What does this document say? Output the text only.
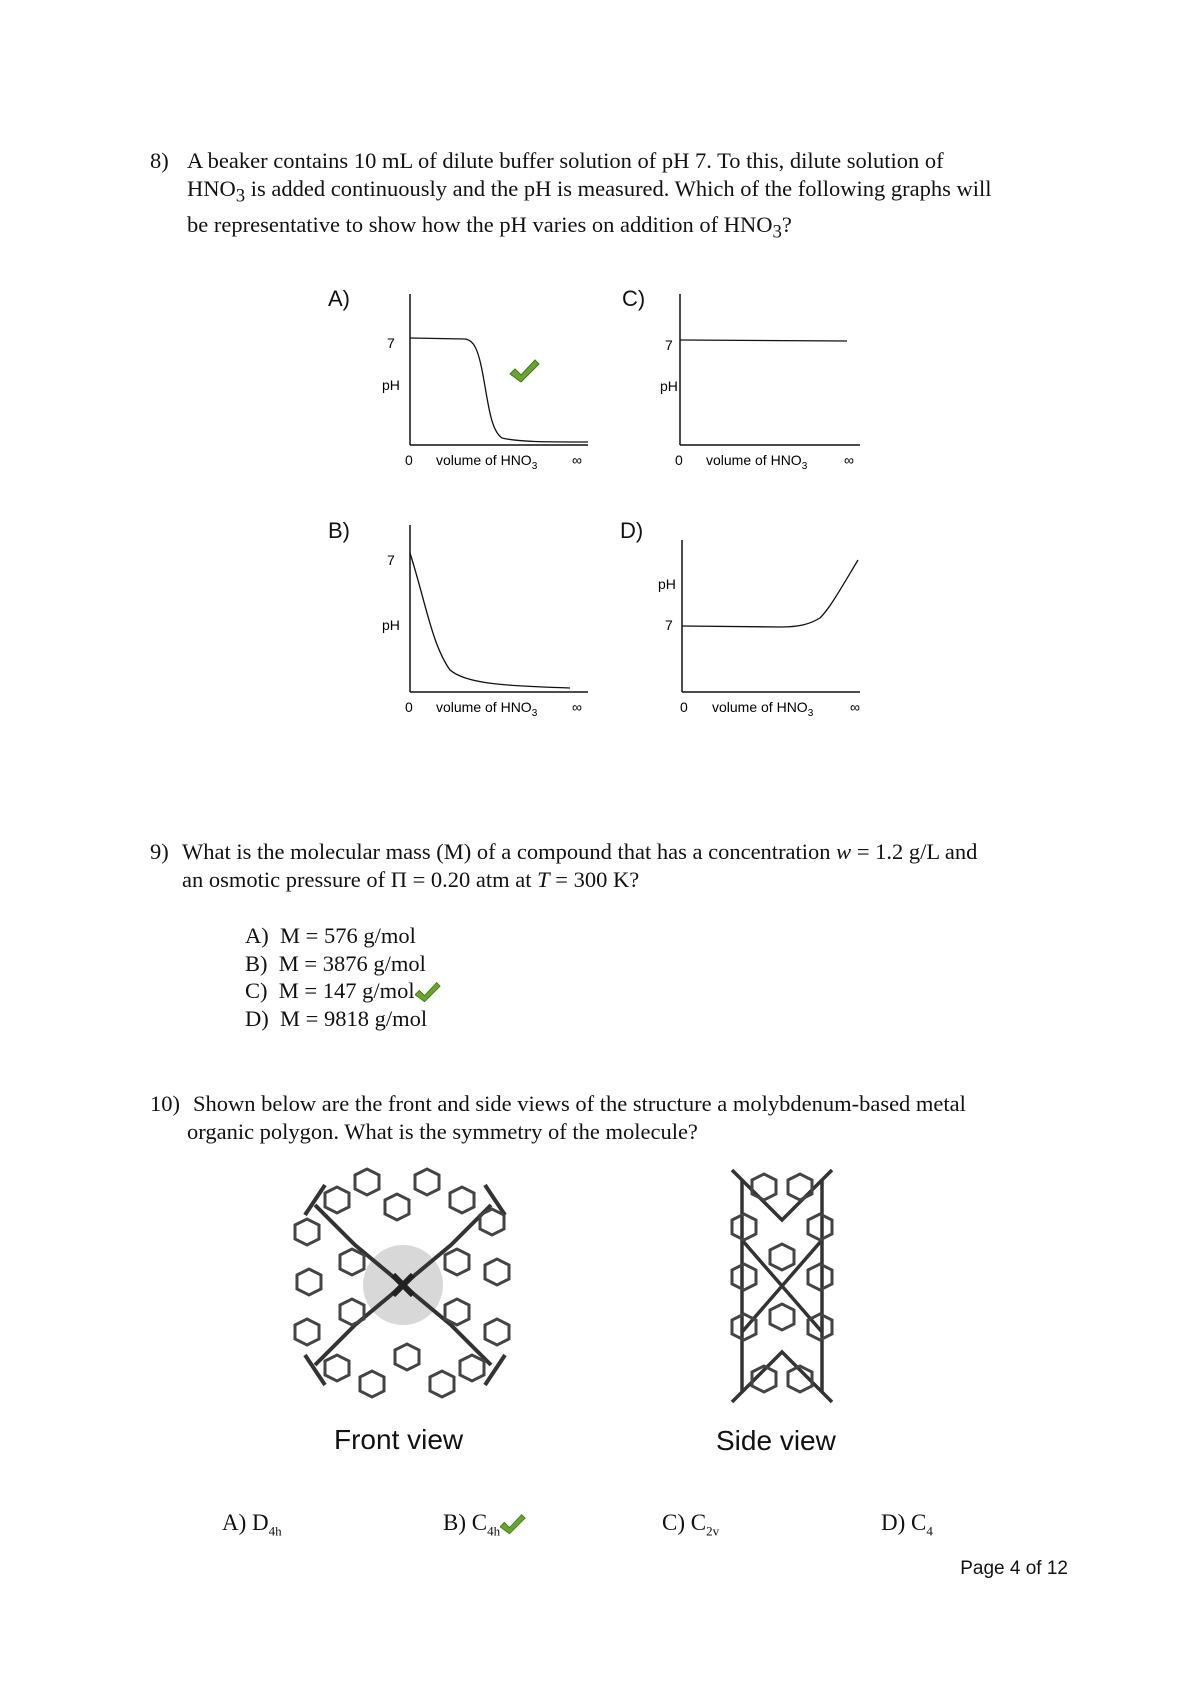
8) A beaker contains 10 mL of dilute buffer solution of pH 7. To this, dilute solution of
$HNO_3$ is added continuously and the pH is measured. Which of the following graphs will
be representative to show how the pH varies on addition of $HNO_3$?
A)
7
pH
0 volume of $HNO_3$ ∞
C)
7
pH
0 volume of $HNO_3$	∞
B)
7
pH
0 volume of $HNO_3$ ∞
D)
pH
7
0 volume of $HNO_3$	∞
9) What is the molecular mass (M) of a compound that has a concentration w = 1.2 g/L and
an osmotic pressure of Π = 0.20 atm at T = 300 K?
A) M = 576 g/mol
B) M = 3876 g/mol
C) M = 147 g/mol
D) M = 9818 g/mol
10) Shown below are the front and side views of the structure a molybdenum-based metal
organic polygon. What is the symmetry of the molecule?
Front view	Side view
A) $D_{4h}$	B) $C_{4h}$	C) $C_{2v}$	D) $C_4$
Page 4 of 12
